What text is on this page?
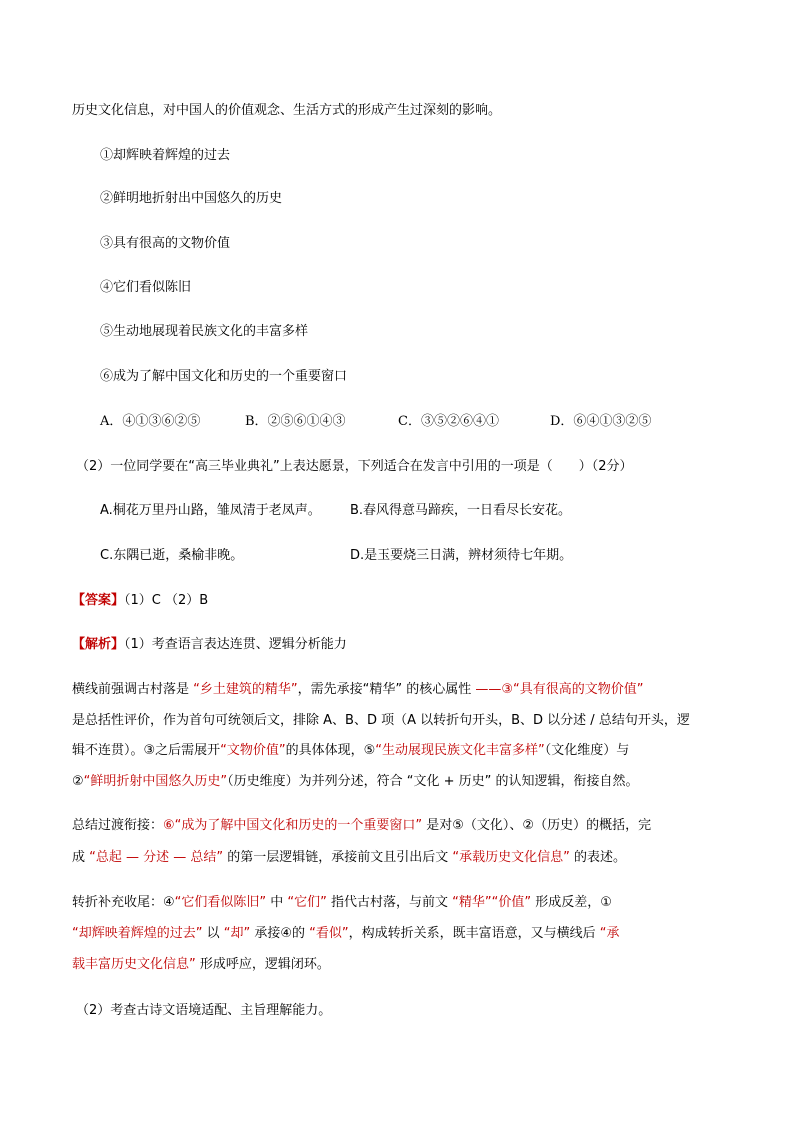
历史文化信息，对中国人的价值观念、生活方式的形成产生过深刻的影响。
①却辉映着辉煌的过去
②鲜明地折射出中国悠久的历史
③具有很高的文物价值
④它们看似陈旧
⑤生动地展现着民族文化的丰富多样
⑥成为了解中国文化和历史的一个重要窗口
A．④①③⑥②⑤	B．②⑤⑥①④③	C．③⑤②⑥④①	D．⑥④①③②⑤
（2）一位同学要在“高三毕业典礼”上表达愿景，下列适合在发言中引用的一项是（　　）（2分）
A.桐花万里丹山路，雏凤清于老凤声。 B.春风得意马蹄疾，一日看尽长安花。
C.东隅已逝，桑榆非晚。	D.是玉要烧三日满，辨材须待七年期。
【答案】（1）C （2）B
【解析】（1）考查语言表达连贯、逻辑分析能力
横线前强调古村落是 “乡土建筑的精华”，需先承接“精华” 的核心属性 ——③“具有很高的文物价值”
是总括性评价，作为首句可统领后文，排除 A、B、D 项（A 以转折句开头，B、D 以分述 / 总结句开头，逻
辑不连贯）。③之后需展开“文物价值”的具体体现，⑤“生动展现民族文化丰富多样”（文化维度）与
②“鲜明折射中国悠久历史”（历史维度）为并列分述，符合 “文化 + 历史” 的认知逻辑，衔接自然。
总结过渡衔接：⑥“成为了解中国文化和历史的一个重要窗口” 是对⑤（文化）、②（历史）的概括，完
成 “总起 — 分述 — 总结” 的第一层逻辑链，承接前文且引出后文 “承载历史文化信息” 的表述。
转折补充收尾：④“它们看似陈旧” 中 “它们” 指代古村落，与前文 “精华”“价值” 形成反差，①
“却辉映着辉煌的过去” 以 “却” 承接④的 “看似”，构成转折关系，既丰富语意，又与横线后 “承
载丰富历史文化信息” 形成呼应，逻辑闭环。
（2）考查古诗文语境适配、主旨理解能力。
